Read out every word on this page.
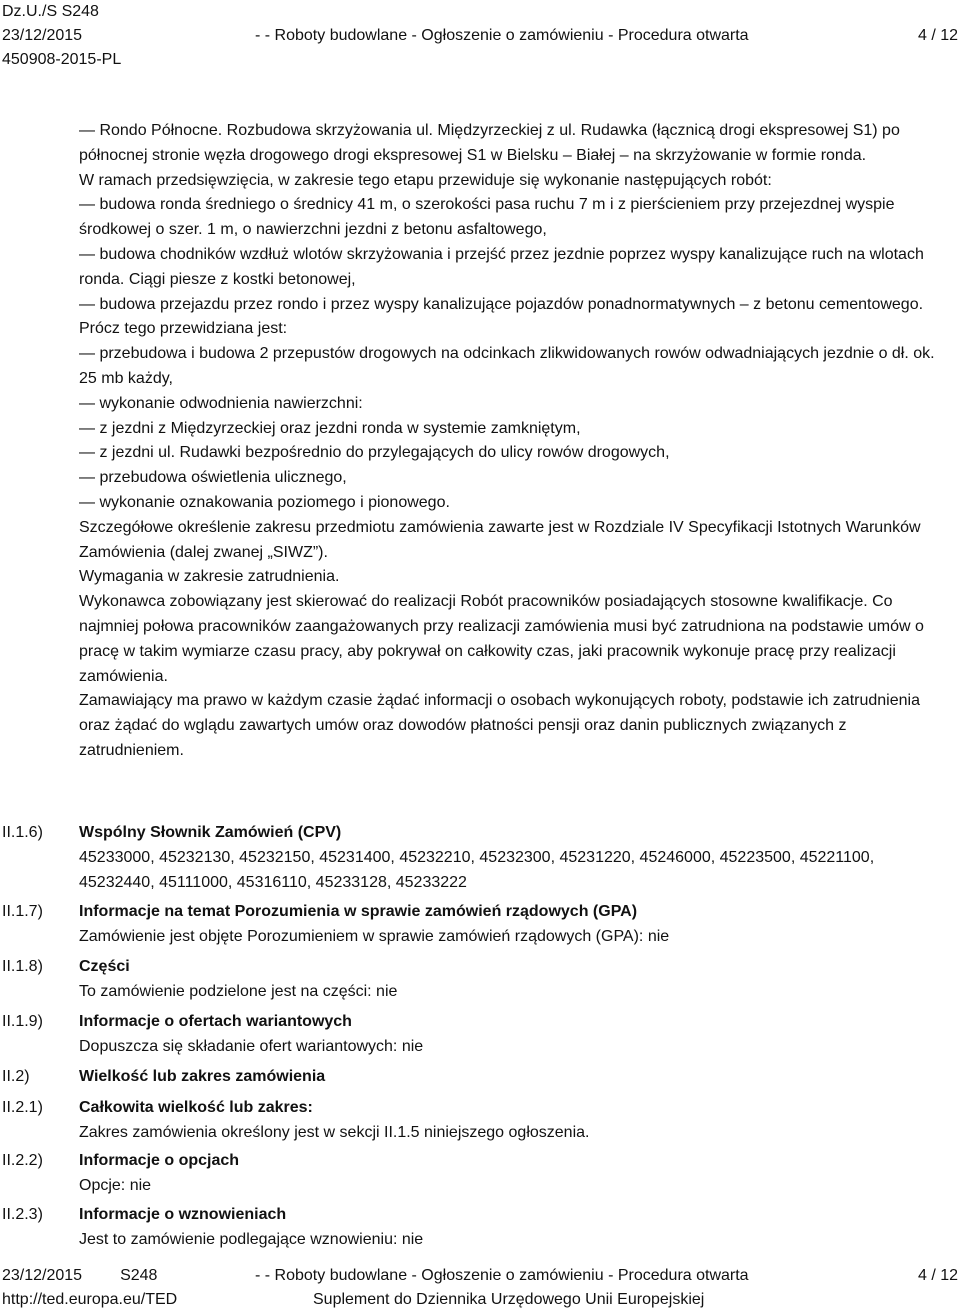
Dz.U./S S248
23/12/2015
450908-2015-PL
- - Roboty budowlane - Ogłoszenie o zamówieniu - Procedura otwarta	4 / 12

— Rondo Północne. Rozbudowa skrzyżowania ul. Międzyrzeckiej z ul. Rudawka (łącznicą drogi ekspresowej S1) po północnej stronie węzła drogowego drogi ekspresowej S1 w Bielsku – Białej – na skrzyżowanie w formie ronda.

W ramach przedsięwzięcia, w zakresie tego etapu przewiduje się wykonanie następujących robót:

— budowa ronda średniego o średnicy 41 m, o szerokości pasa ruchu 7 m i z pierścieniem przy przejezdnej wyspie środkowej o szer. 1 m, o nawierzchni jezdni z betonu asfaltowego,

— budowa chodników wzdłuż wlotów skrzyżowania i przejść przez jezdnie poprzez wyspy kanalizujące ruch na wlotach ronda. Ciągi piesze z kostki betonowej,

— budowa przejazdu przez rondo i przez wyspy kanalizujące pojazdów ponadnormatywnych – z betonu cementowego.

Prócz tego przewidziana jest:

— przebudowa i budowa 2 przepustów drogowych na odcinkach zlikwidowanych rowów odwadniających jezdnie o dł. ok. 25 mb każdy,

— wykonanie odwodnienia nawierzchni:

— z jezdni z Międzyrzeckiej oraz jezdni ronda w systemie zamkniętym,

— z jezdni ul. Rudawki bezpośrednio do przylegających do ulicy rowów drogowych,

— przebudowa oświetlenia ulicznego,

— wykonanie oznakowania poziomego i pionowego.

Szczegółowe określenie zakresu przedmiotu zamówienia zawarte jest w Rozdziale IV Specyfikacji Istotnych Warunków Zamówienia (dalej zwanej „SIWZ”).

Wymagania w zakresie zatrudnienia.

Wykonawca zobowiązany jest skierować do realizacji Robót pracowników posiadających stosowne kwalifikacje. Co najmniej połowa pracowników zaangażowanych przy realizacji zamówienia musi być zatrudniona na podstawie umów o pracę w takim wymiarze czasu pracy, aby pokrywał on całkowity czas, jaki pracownik wykonuje pracę przy realizacji zamówienia.

Zamawiający ma prawo w każdym czasie żądać informacji o osobach wykonujących roboty, podstawie ich zatrudnienia oraz żądać do wglądu zawartych umów oraz dowodów płatności pensji oraz danin publicznych związanych z zatrudnieniem.

II.1.6) Wspólny Słownik Zamówień (CPV)
45233000, 45232130, 45232150, 45231400, 45232210, 45232300, 45231220, 45246000, 45223500, 45221100, 45232440, 45111000, 45316110, 45233128, 45233222
II.1.7) Informacje na temat Porozumienia w sprawie zamówień rządowych (GPA)
Zamówienie jest objęte Porozumieniem w sprawie zamówień rządowych (GPA): nie
II.1.8) Części
To zamówienie podzielone jest na części: nie
II.1.9) Informacje o ofertach wariantowych
Dopuszcza się składanie ofert wariantowych: nie
II.2)	Wielkość lub zakres zamówienia
II.2.1) Całkowita wielkość lub zakres:
Zakres zamówienia określony jest w sekcji II.1.5 niniejszego ogłoszenia.
II.2.2) Informacje o opcjach
Opcje: nie
II.2.3) Informacje o wznowieniach
Jest to zamówienie podlegające wznowieniu: nie
23/12/2015 S248
http://ted.europa.eu/TED
- - Roboty budowlane - Ogłoszenie o zamówieniu - Procedura otwarta
Suplement do Dziennika Urzędowego Unii Europejskiej
4 / 12
